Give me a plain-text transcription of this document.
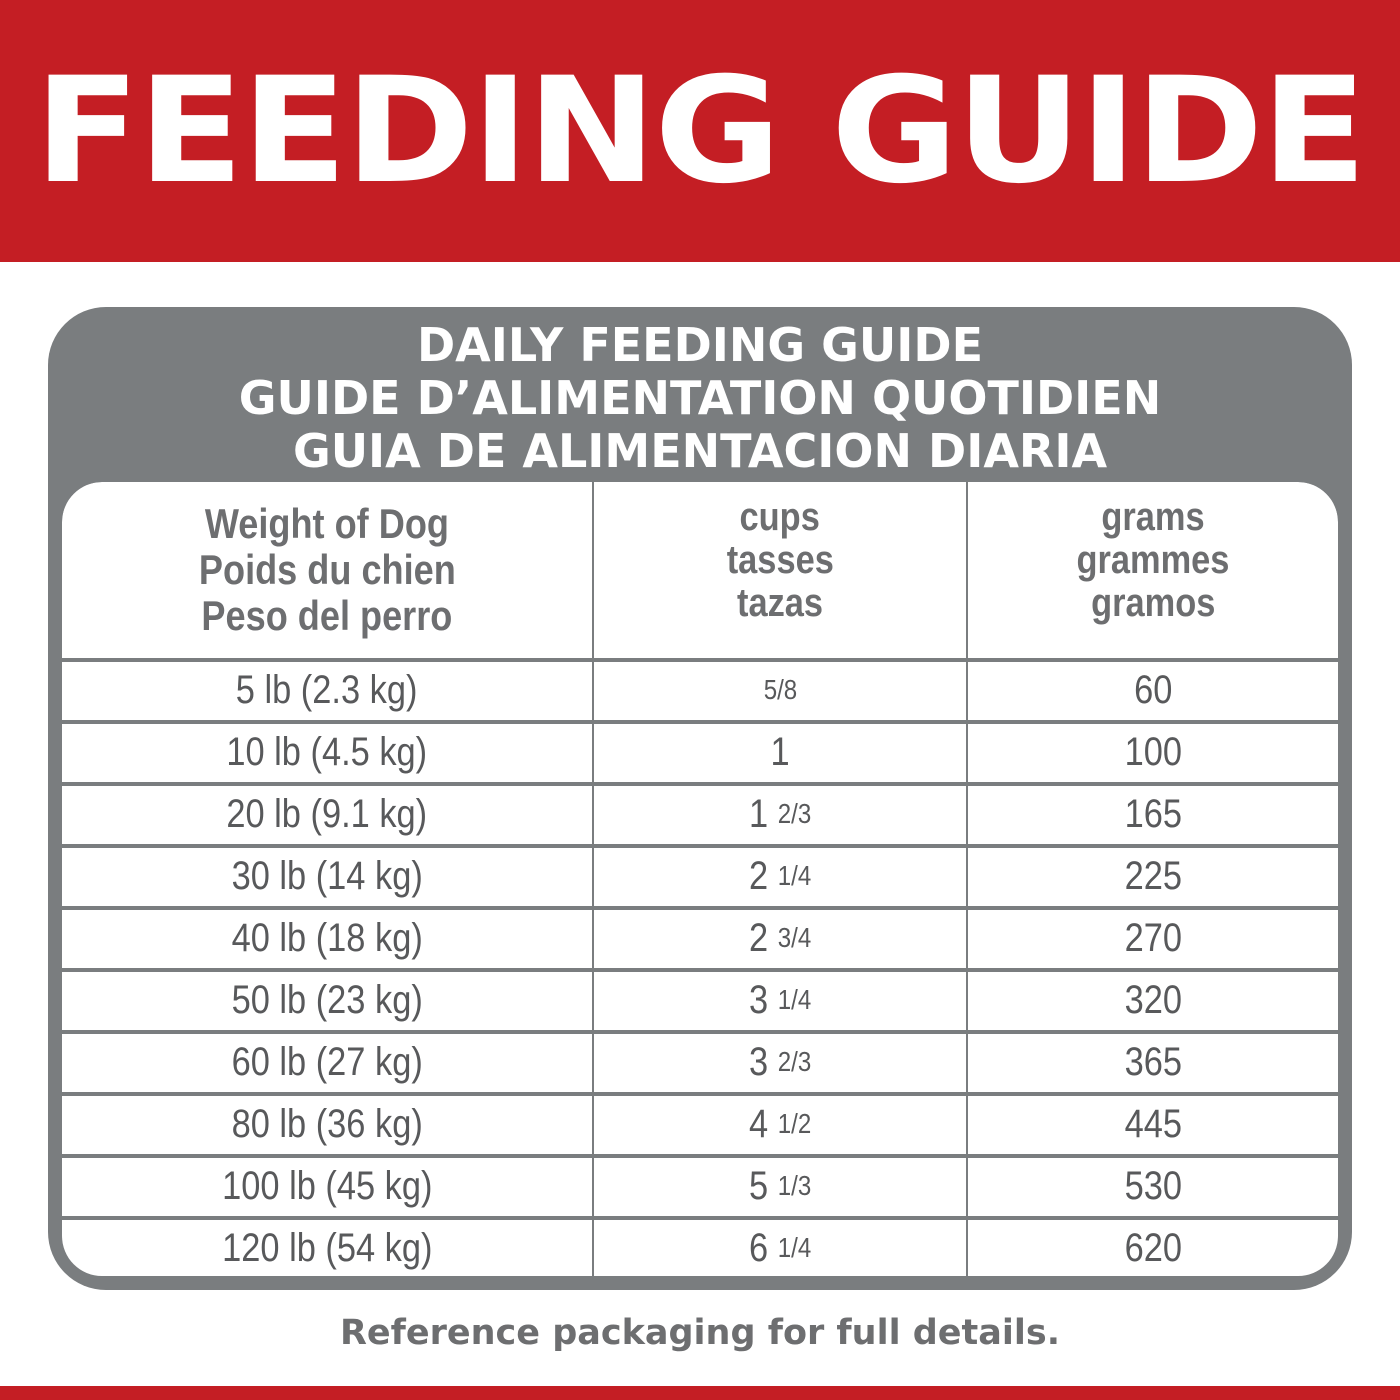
FEEDING GUIDE
DAILY FEEDING GUIDE
GUIDE D’ALIMENTATION QUOTIDIEN
GUIA DE ALIMENTACION DIARIA
Weight of Dog
Poids du chien
Peso del perro
cups
tasses
tazas
grams
grammes
gramos
5 lb (2.3 kg)	5/8	60
10 lb (4.5 kg)	1	100
20 lb (9.1 kg)	1 2/3	165
30 lb (14 kg)	2 1/4	225
40 lb (18 kg)	2 3/4	270
50 lb (23 kg)	3 1/4	320
60 lb (27 kg)	3 2/3	365
80 lb (36 kg)	4 1/2	445
100 lb (45 kg)	5 1/3	530
120 lb (54 kg)	6 1/4	620
Reference packaging for full details.
